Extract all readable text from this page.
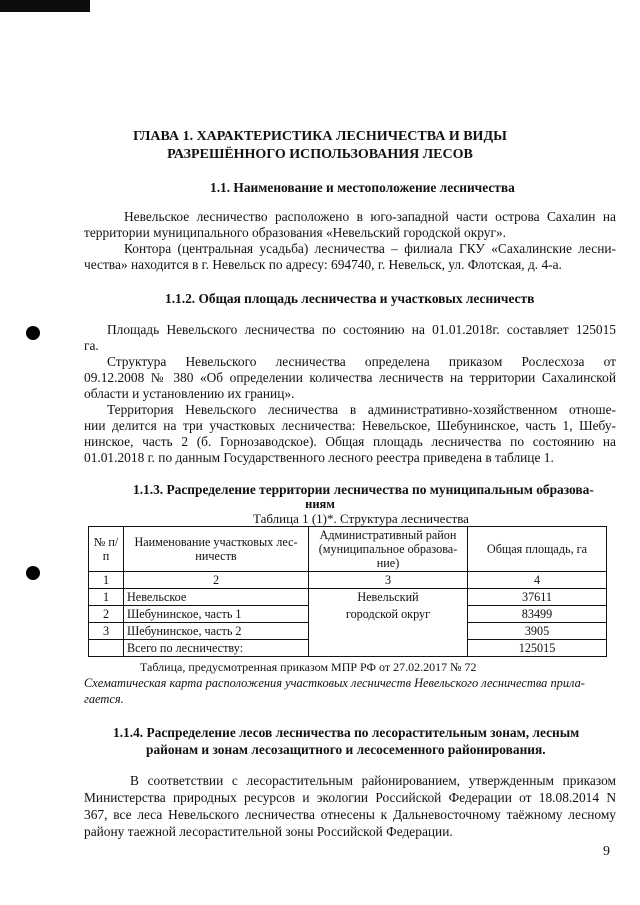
ГЛАВА 1. ХАРАКТЕРИСТИКА ЛЕСНИЧЕСТВА И ВИДЫ
РАЗРЕШЁННОГО ИСПОЛЬЗОВАНИЯ ЛЕСОВ
1.1. Наименование и местоположение лесничества
Невельское лесничество расположено в юго-западной части острова Сахалин на
территории муниципального образования «Невельский городской округ».
Контора (центральная усадьба) лесничества – филиала ГКУ «Сахалинские лесни-
чества» находится в г. Невельск по адресу: 694740, г. Невельск, ул. Флотская, д. 4-а.
1.1.2. Общая площадь лесничества и участковых лесничеств
Площадь Невельского лесничества по состоянию на 01.01.2018г. составляет 125015
га.
Структура Невельского лесничества определена приказом Рослесхоза от
09.12.2008 № 380 «Об определении количества лесничеств на территории Сахалинской
области и установлению их границ».
Территория Невельского лесничества в административно-хозяйственном отноше-
нии делится на три участковых лесничества: Невельское, Шебунинское, часть 1, Шебу-
нинское, часть 2 (б. Горнозаводское). Общая площадь лесничества по состоянию на
01.01.2018 г. по данным Государственного лесного реестра приведена в таблице 1.
1.1.3. Распределение территории лесничества по муниципальным образова-
ниям
Таблица 1 (1)*. Структура лесничества
№ п/п	Наименование участковых лес- ничеств	Административный район (муниципальное образова- ние)	Общая площадь, га
1	2	3	4
1	Невельское	Невельский	37611
2	Шебунинское, часть 1	городской округ	83499
3	Шебунинское, часть 2		3905
	Всего по лесничеству:		125015
Таблица, предусмотренная приказом МПР РФ от 27.02.2017 № 72
Схематическая карта расположения участковых лесничеств Невельского лесничества прила-
гается.
1.1.4. Распределение лесов лесничества по лесорастительным зонам, лесным
районам и зонам лесозащитного и лесосеменного районирования.
В соответствии с лесорастительным районированием, утвержденным приказом
Министерства природных ресурсов и экологии Российской Федерации от 18.08.2014 N
367, все леса Невельского лесничества отнесены к Дальневосточному таёжному лесному
району таежной лесорастительной зоны Российской Федерации.
9
